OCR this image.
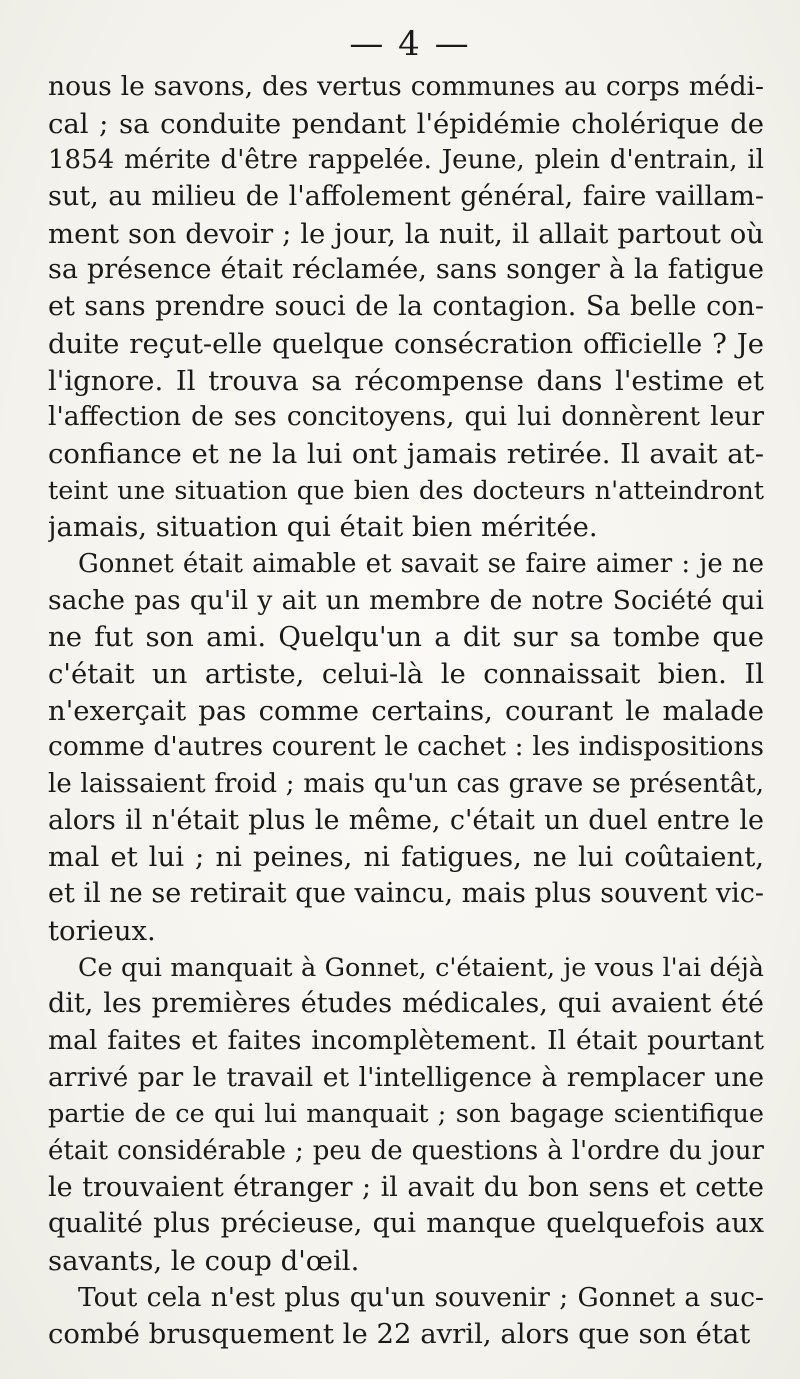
— 4 —
nous le savons, des vertus communes au corps médi-
cal ; sa conduite pendant l'épidémie cholérique de
1854 mérite d'être rappelée. Jeune, plein d'entrain, il
sut, au milieu de l'affolement général, faire vaillam-
ment son devoir ; le jour, la nuit, il allait partout où
sa présence était réclamée, sans songer à la fatigue
et sans prendre souci de la contagion. Sa belle con-
duite reçut-elle quelque consécration officielle ? Je
l'ignore. Il trouva sa récompense dans l'estime et
l'affection de ses concitoyens, qui lui donnèrent leur
confiance et ne la lui ont jamais retirée. Il avait at-
teint une situation que bien des docteurs n'atteindront
jamais, situation qui était bien méritée.
Gonnet était aimable et savait se faire aimer : je ne
sache pas qu'il y ait un membre de notre Société qui
ne fut son ami. Quelqu'un a dit sur sa tombe que
c'était un artiste, celui-là le connaissait bien. Il
n'exerçait pas comme certains, courant le malade
comme d'autres courent le cachet : les indispositions
le laissaient froid ; mais qu'un cas grave se présentât,
alors il n'était plus le même, c'était un duel entre le
mal et lui ; ni peines, ni fatigues, ne lui coûtaient,
et il ne se retirait que vaincu, mais plus souvent vic-
torieux.
Ce qui manquait à Gonnet, c'étaient, je vous l'ai déjà
dit, les premières études médicales, qui avaient été
mal faites et faites incomplètement. Il était pourtant
arrivé par le travail et l'intelligence à remplacer une
partie de ce qui lui manquait ; son bagage scientifique
était considérable ; peu de questions à l'ordre du jour
le trouvaient étranger ; il avait du bon sens et cette
qualité plus précieuse, qui manque quelquefois aux
savants, le coup d'œil.
Tout cela n'est plus qu'un souvenir ; Gonnet a suc-
combé brusquement le 22 avril, alors que son état
